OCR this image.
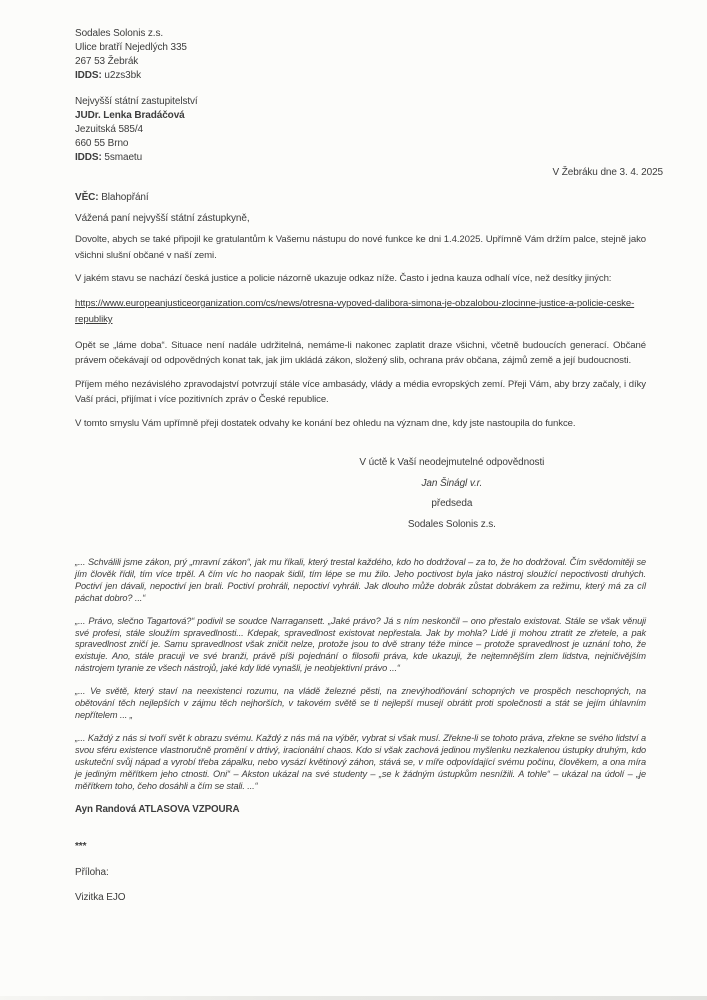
Sodales Solonis z.s.
Ulice bratří Nejedlých 335
267 53 Žebrák
IDDS: u2zs3bk
Nejvyšší státní zastupitelství
JUDr. Lenka Bradáčová
Jezuitská 585/4
660 55 Brno
IDDS: 5smaetu
V Žebráku dne 3. 4. 2025
VĚC: Blahopřání
Vážená paní nejvyšší státní zástupkyně,

Dovolte, abych se také připojil ke gratulantům k Vašemu nástupu do nové funkce ke dni 1.4.2025. Upřímně Vám držím palce, stejně jako všichni slušní občané v naší zemi.

V jakém stavu se nachází česká justice a policie názorně ukazuje odkaz níže. Často i jedna kauza odhalí více, než desítky jiných:

https://www.europeanjusticeorganization.com/cs/news/otresna-vypoved-dalibora-simona-je-obzalobou-zlocinne-justice-a-policie-ceske-
republiky

Opět se „láme doba“. Situace není nadále udržitelná, nemáme-li nakonec zaplatit draze všichni, včetně budoucích generací. Občané právem očekávají od odpovědných konat tak, jak jim ukládá zákon, složený slib, ochrana práv občana, zájmů země a její budoucnosti.

Příjem mého nezávislého zpravodajství potvrzují stále více ambasády, vlády a média evropských zemí. Přeji Vám, aby brzy začaly, i díky Vaší práci, přijímat i více pozitivních zpráv o České republice.

V tomto smyslu Vám upřímně přeji dostatek odvahy ke konání bez ohledu na význam dne, kdy jste nastoupila do funkce.

V úctě k Vaší neodejmutelné odpovědnosti
Jan Šinágl v.r.
předseda
Sodales Solonis z.s.

„... Schválili jsme zákon, prý „mravní zákon“, jak mu říkali, který trestal každého, kdo ho dodržoval – za to, že ho dodržoval. Čím svědomitěji se jím člověk řídil, tím více trpěl. A čím víc ho naopak šidil, tím lépe se mu žilo. Jeho poctivost byla jako nástroj sloužící nepoctivosti druhých. Poctiví jen dávali, nepoctiví jen brali. Poctiví prohráli, nepoctiví vyhráli. Jak dlouho může dobrák zůstat dobrákem za režimu, který má za cíl páchat dobro? ...“

„... Právo, slečno Tagartová?“ podivil se soudce Narragansett. „Jaké právo? Já s ním neskončil – ono přestalo existovat. Stále se však věnuji své profesi, stále sloužím spravedlnosti... Kdepak, spravedlnost existovat nepřestala. Jak by mohla? Lidé ji mohou ztratit ze zřetele, a pak spravedlnost zničí je. Samu spravedlnost však zničit nelze, protože jsou to dvě strany téže mince – protože spravedlnost je uznání toho, že existuje. Ano, stále pracuji ve své branži, právě píši pojednání o filosofii práva, kde ukazuji, že nejtemnějším zlem lidstva, nejničivějším nástrojem tyranie ze všech nástrojů, jaké kdy lidé vynašli, je neobjektivní právo ...“

„... Ve světě, který staví na neexistenci rozumu, na vládě železné pěsti, na znevýhodňování schopných ve prospěch neschopných, na obětování těch nejlepších v zájmu těch nejhorších, v takovém světě se ti nejlepší musejí obrátit proti společnosti a stát se jejím úhlavním nepřítelem ... „

„... Každý z nás si tvoří svět k obrazu svému. Každý z nás má na výběr, vybrat si však musí. Zřekne-li se tohoto práva, zřekne se svého lidství a svou sféru existence vlastnoručně promění v drtivý, iracionální chaos. Kdo si však zachová jedinou myšlenku nezkalenou ústupky druhým, kdo uskuteční svůj nápad a vyrobí třeba zápalku, nebo vysází květinový záhon, stává se, v míře odpovídající svému počinu, člověkem, a ona míra je jediným měřítkem jeho ctnosti. Oni“ – Akston ukázal na své studenty – „se k žádným ústupkům nesnížili. A tohle“ – ukázal na údolí – „je měřítkem toho, čeho dosáhli a čím se stali. ...“

Ayn Randová ATLASOVA VZPOURA
***
Příloha:
Vizitka EJO
